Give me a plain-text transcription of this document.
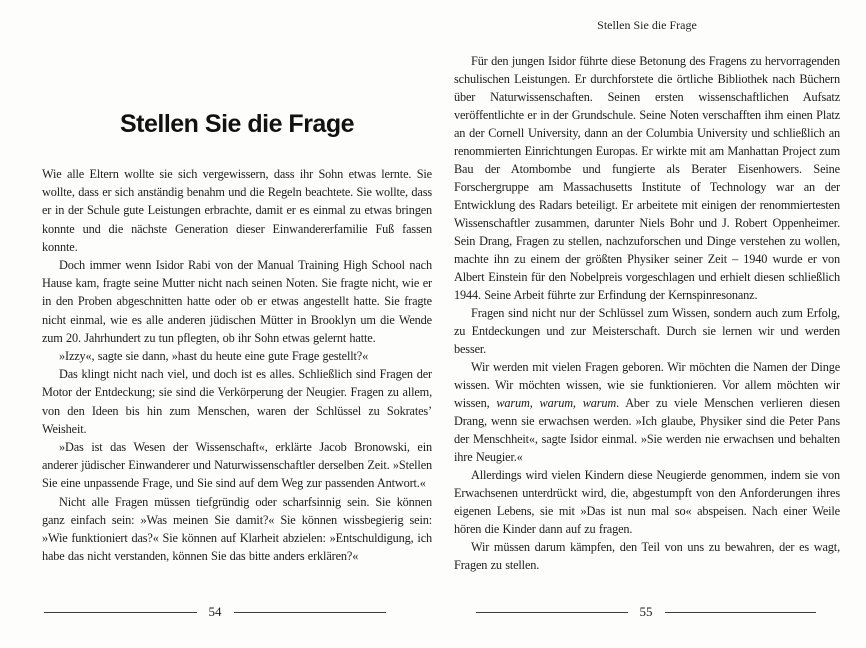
Stellen Sie die Frage

Wie alle Eltern wollte sie sich vergewissern, dass ihr Sohn etwas lernte. Sie wollte, dass er sich anständig benahm und die Regeln beachtete. Sie wollte, dass er in der Schule gute Leistungen erbrachte, damit er es einmal zu etwas bringen konnte und die nächste Generation dieser Einwandererfamilie Fuß fassen konnte.

Doch immer wenn Isidor Rabi von der Manual Training High School nach Hause kam, fragte seine Mutter nicht nach seinen Noten. Sie fragte nicht, wie er in den Proben abgeschnitten hatte oder ob er etwas angestellt hatte. Sie fragte nicht einmal, wie es alle anderen jüdischen Mütter in Brooklyn um die Wende zum 20. Jahrhundert zu tun pflegten, ob ihr Sohn etwas gelernt hatte.

»Izzy«, sagte sie dann, »hast du heute eine gute Frage gestellt?«

Das klingt nicht nach viel, und doch ist es alles. Schließlich sind Fragen der Motor der Entdeckung; sie sind die Verkörperung der Neugier. Fragen zu allem, von den Ideen bis hin zum Menschen, waren der Schlüssel zu Sokrates’ Weisheit.

»Das ist das Wesen der Wissenschaft«, erklärte Jacob Bronowski, ein anderer jüdischer Einwanderer und Naturwissenschaftler derselben Zeit. »Stellen Sie eine unpassende Frage, und Sie sind auf dem Weg zur passenden Antwort.«

Nicht alle Fragen müssen tiefgründig oder scharfsinnig sein. Sie können ganz einfach sein: »Was meinen Sie damit?« Sie können wissbegierig sein: »Wie funktioniert das?« Sie können auf Klarheit abzielen: »Entschuldigung, ich habe das nicht verstanden, können Sie das bitte anders erklären?«

54
Stellen Sie die Frage

Für den jungen Isidor führte diese Betonung des Fragens zu hervorragenden schulischen Leistungen. Er durchforstete die örtliche Bibliothek nach Büchern über Naturwissenschaften. Seinen ersten wissenschaftlichen Aufsatz veröffentlichte er in der Grundschule. Seine Noten verschafften ihm einen Platz an der Cornell University, dann an der Columbia University und schließlich an renommierten Einrichtungen Europas. Er wirkte mit am Manhattan Project zum Bau der Atombombe und fungierte als Berater Eisenhowers. Seine Forschergruppe am Massachusetts Institute of Technology war an der Entwicklung des Radars beteiligt. Er arbeitete mit einigen der renommiertesten Wissenschaftler zusammen, darunter Niels Bohr und J. Robert Oppenheimer. Sein Drang, Fragen zu stellen, nachzuforschen und Dinge verstehen zu wollen, machte ihn zu einem der größten Physiker seiner Zeit – 1940 wurde er von Albert Einstein für den Nobelpreis vorgeschlagen und erhielt diesen schließlich 1944. Seine Arbeit führte zur Erfindung der Kernspinresonanz.

Fragen sind nicht nur der Schlüssel zum Wissen, sondern auch zum Erfolg, zu Entdeckungen und zur Meisterschaft. Durch sie lernen wir und werden besser.

Wir werden mit vielen Fragen geboren. Wir möchten die Namen der Dinge wissen. Wir möchten wissen, wie sie funktionieren. Vor allem möchten wir wissen, warum, warum, warum. Aber zu viele Menschen verlieren diesen Drang, wenn sie erwachsen werden. »Ich glaube, Physiker sind die Peter Pans der Menschheit«, sagte Isidor einmal. »Sie werden nie erwachsen und behalten ihre Neugier.«

Allerdings wird vielen Kindern diese Neugierde genommen, indem sie von Erwachsenen unterdrückt wird, die, abgestumpft von den Anforderungen ihres eigenen Lebens, sie mit »Das ist nun mal so« abspeisen. Nach einer Weile hören die Kinder dann auf zu fragen.

Wir müssen darum kämpfen, den Teil von uns zu bewahren, der es wagt, Fragen zu stellen.

55
